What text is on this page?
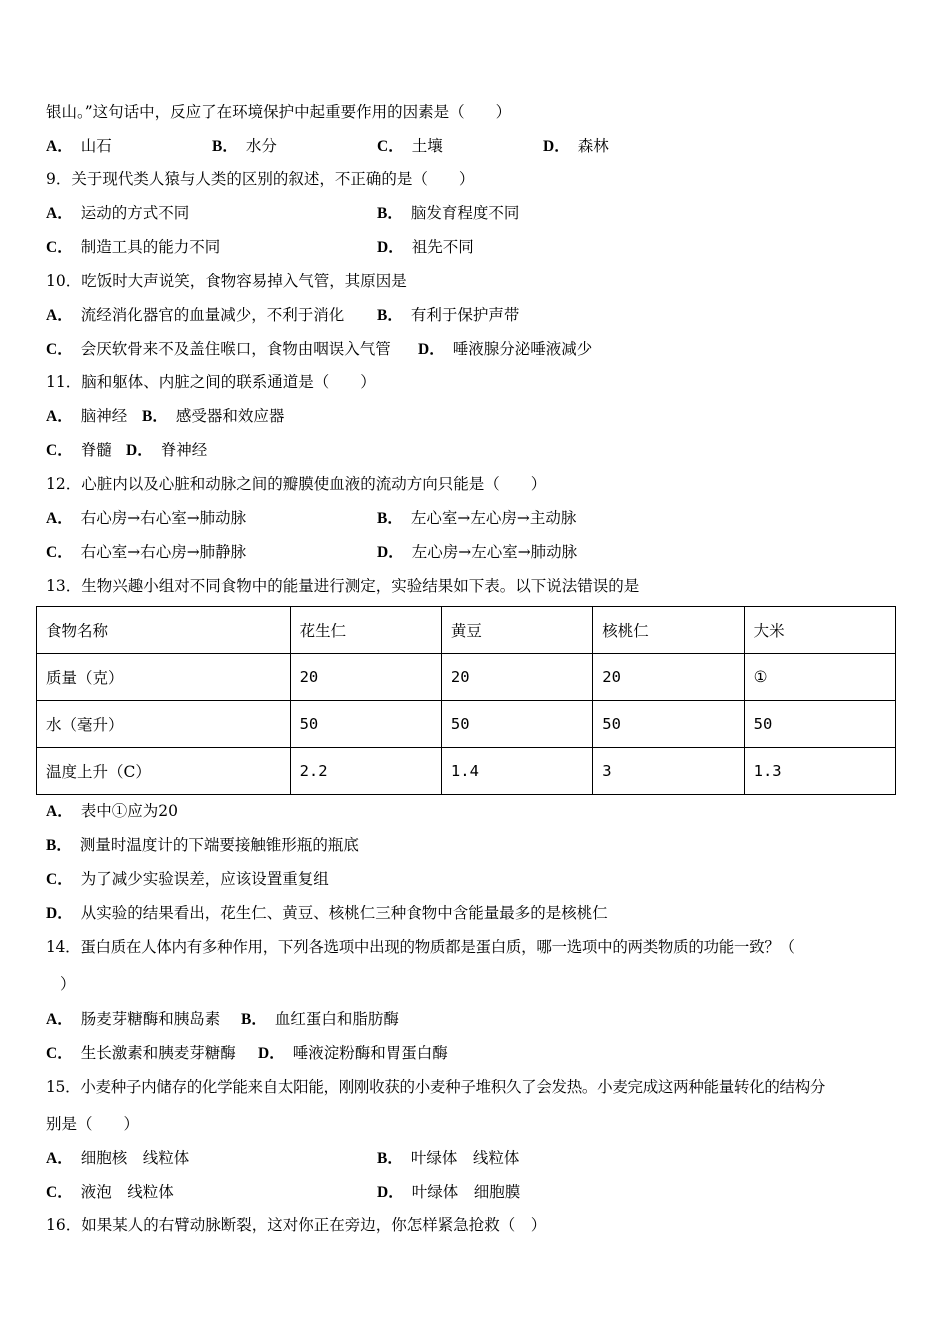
银山。”这句话中，反应了在环境保护中起重要作用的因素是（　　）
A． 山石	B． 水分	C． 土壤	D． 森林
9．关于现代类人猿与人类的区别的叙述，不正确的是（　　）
A． 运动的方式不同	B． 脑发育程度不同
C． 制造工具的能力不同	D． 祖先不同
10．吃饭时大声说笑，食物容易掉入气管，其原因是
A． 流经消化器官的血量减少，不利于消化 B． 有利于保护声带
C． 会厌软骨来不及盖住喉口，食物由咽误入气管 D． 唾液腺分泌唾液减少
11．脑和躯体、内脏之间的联系通道是（　　）
A． 脑神经 B． 感受器和效应器
C． 脊髓 D． 脊神经
12．心脏内以及心脏和动脉之间的瓣膜使血液的流动方向只能是（　　）
A． 右心房→右心室→肺动脉	B． 左心室→左心房→主动脉
C． 右心室→右心房→肺静脉	D． 左心房→左心室→肺动脉
13．生物兴趣小组对不同食物中的能量进行测定，实验结果如下表。以下说法错误的是
食物名称	花生仁	黄豆	核桃仁	大米
质量（克）	20	20	20	①
水（毫升）	50	50	50	50
温度上升（C）	2.2	1.4	3	1.3
A． 表中①应为20
B． 测量时温度计的下端要接触锥形瓶的瓶底
C． 为了减少实验误差，应该设置重复组
D． 从实验的结果看出，花生仁、黄豆、核桃仁三种食物中含能量最多的是核桃仁
14．蛋白质在人体内有多种作用，下列各选项中出现的物质都是蛋白质，哪一选项中的两类物质的功能一致？（
）
A． 肠麦芽糖酶和胰岛素 B． 血红蛋白和脂肪酶
C． 生长激素和胰麦芽糖酶 D． 唾液淀粉酶和胃蛋白酶
15．小麦种子内储存的化学能来自太阳能，刚刚收获的小麦种子堆积久了会发热。小麦完成这两种能量转化的结构分
别是（　　）
A． 细胞核　线粒体	B． 叶绿体　线粒体
C． 液泡　线粒体	D． 叶绿体　细胞膜
16．如果某人的右臂动脉断裂，这对你正在旁边，你怎样紧急抢救（　）
